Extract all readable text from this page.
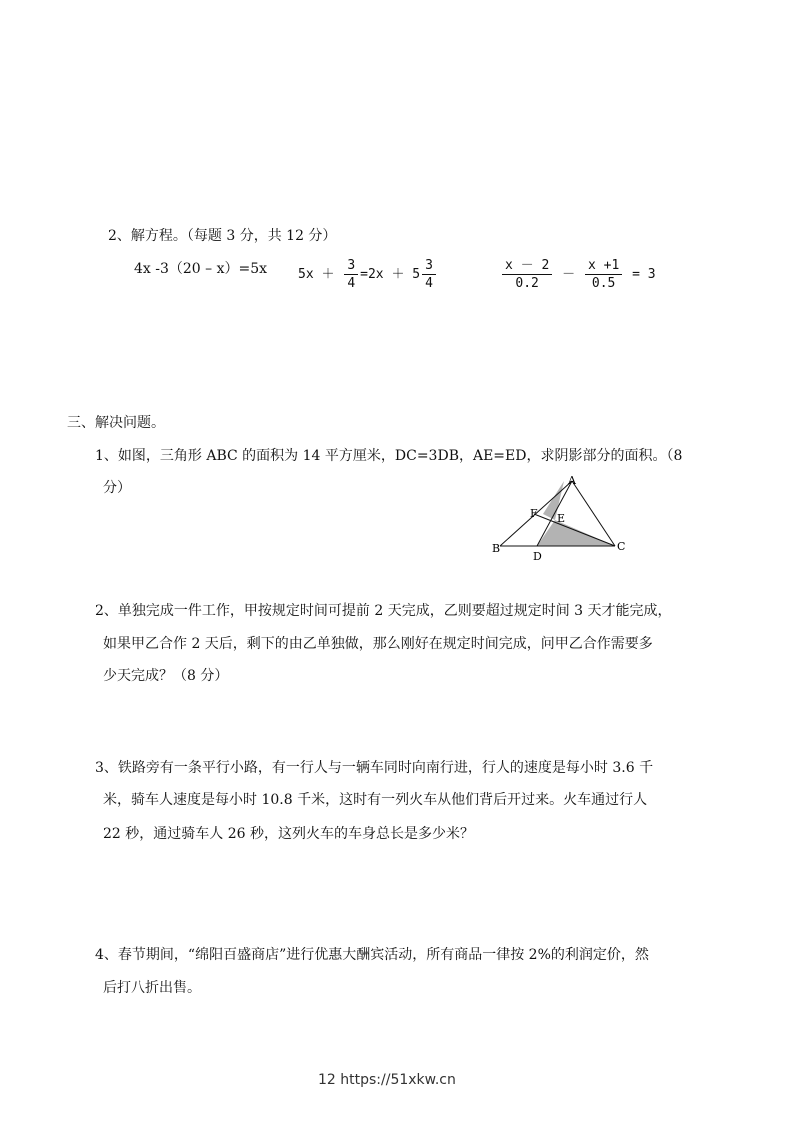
2、解方程。（每题 3 分，共 12 分）
4x -3（20 – x）=5x $5x + \frac{3}{4} =2x + 5 \frac{3}{4}$	$\frac{x - 2}{0.2} - \frac{x +1}{0.5} = 3$
三、解决问题。
1、如图，三角形 ABC 的面积为 14 平方厘米，DC=3DB，AE=ED，求阴影部分的面积。（8
分）	A
B	C
D
E
F
2、单独完成一件工作，甲按规定时间可提前 2 天完成，乙则要超过规定时间 3 天才能完成，
如果甲乙合作 2 天后，剩下的由乙单独做，那么刚好在规定时间完成，问甲乙合作需要多
少天完成？（8 分）
3、铁路旁有一条平行小路，有一行人与一辆车同时向南行进，行人的速度是每小时 3.6 千
米，骑车人速度是每小时 10.8 千米，这时有一列火车从他们背后开过来。火车通过行人
22 秒，通过骑车人 26 秒，这列火车的车身总长是多少米？
4、春节期间，“绵阳百盛商店”进行优惠大酬宾活动，所有商品一律按 2%的利润定价，然
后打八折出售。
12 https://51xkw.cn
